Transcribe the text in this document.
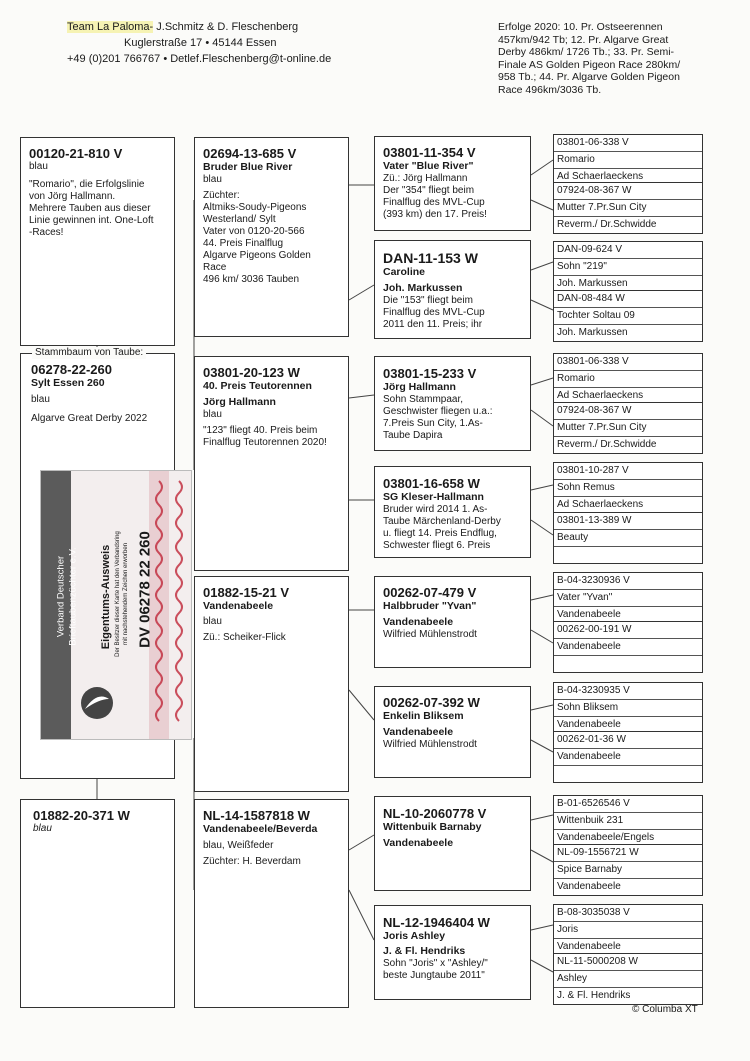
Team La Paloma- J.Schmitz & D. Fleschenberg
Kuglerstraße 17 • 45144 Essen
+49 (0)201 766767 • Detlef.Fleschenberg@t-online.de
Erfolge 2020: 10. Pr. Ostseerennen
457km/942 Tb; 12. Pr. Algarve Great
Derby 486km/ 1726 Tb.; 33. Pr. Semi-
Finale AS Golden Pigeon Race 280km/
958 Tb.; 44. Pr. Algarve Golden Pigeon
Race 496km/3036 Tb.
00120-21-810 V
blau
"Romario", die Erfolgslinie
von Jörg Hallmann.
Mehrere Tauben aus dieser
Linie gewinnen int. One-Loft
-Races!
Stammbaum von Taube:
06278-22-260
Sylt Essen 260
blau
Algarve Great Derby 2022
01882-20-371 W
blau
02694-13-685 V
Bruder Blue River
blau
Züchter:
Altmiks-Soudy-Pigeons
Westerland/ Sylt
Vater von 0120-20-566
44. Preis Finalflug
Algarve Pigeons Golden
Race
496 km/ 3036 Tauben
03801-20-123 W
40. Preis Teutorennen
Jörg Hallmann
blau
"123" fliegt 40. Preis beim
Finalflug Teutorennen 2020!
01882-15-21 V
Vandenabeele
blau
Zü.: Scheiker-Flick
NL-14-1587818 W
Vandenabeele/Beverda
blau, Weißfeder
Züchter: H. Beverdam
03801-11-354 V
Vater "Blue River"
Zü.: Jörg Hallmann
Der "354" fliegt beim
Finalflug des MVL-Cup
(393 km) den 17. Preis!
DAN-11-153 W
Caroline
Joh. Markussen
Die "153" fliegt beim
Finalflug des MVL-Cup
2011 den 11. Preis; ihr
03801-15-233 V
Jörg Hallmann
Sohn Stammpaar,
Geschwister fliegen u.a.:
7.Preis Sun City, 1.As-
Taube Dapira
03801-16-658 W
SG Kleser-Hallmann
Bruder wird 2014 1. As-
Taube Märchenland-Derby
u. fliegt 14. Preis Endflug,
Schwester fliegt 6. Preis
00262-07-479 V
Halbbruder "Yvan"
Vandenabeele
Wilfried Mühlenstrodt
00262-07-392 W
Enkelin Bliksem
Vandenabeele
Wilfried Mühlenstrodt
NL-10-2060778 V
Wittenbuik Barnaby
Vandenabeele
NL-12-1946404 W
Joris Ashley
J. & Fl. Hendriks
Sohn "Joris" x "Ashley/"
beste Jungtaube 2011"
03801-06-338 V
Romario
Ad Schaerlaeckens
07924-08-367 W
Mutter 7.Pr.Sun City
Reverm./ Dr.Schwidde
DAN-09-624 V
Sohn "219"
Joh. Markussen
DAN-08-484 W
Tochter Soltau 09
Joh. Markussen
03801-06-338 V
Romario
Ad Schaerlaeckens
07924-08-367 W
Mutter 7.Pr.Sun City
Reverm./ Dr.Schwidde
03801-10-287 V
Sohn Remus
Ad Schaerlaeckens
03801-13-389 W
Beauty
B-04-3230936 V
Vater "Yvan"
Vandenabeele
00262-00-191 W
Vandenabeele
B-04-3230935 V
Sohn Bliksem
Vandenabeele
00262-01-36 W
Vandenabeele
B-01-6526546 V
Wittenbuik 231
Vandenabeele/Engels
NL-09-1556721 W
Spice Barnaby
Vandenabeele
B-08-3035038 V
Joris
Vandenabeele
NL-11-5000208 W
Ashley
J. & Fl. Hendriks
Verband Deutscher Brieftaubenzüchter e.V. Eigentums-Ausweis Der Besitzer dieser Karte hat den Verbandsring mit nachstehendem Zeichen erworben DV 06278 22 260
© Columba XT
